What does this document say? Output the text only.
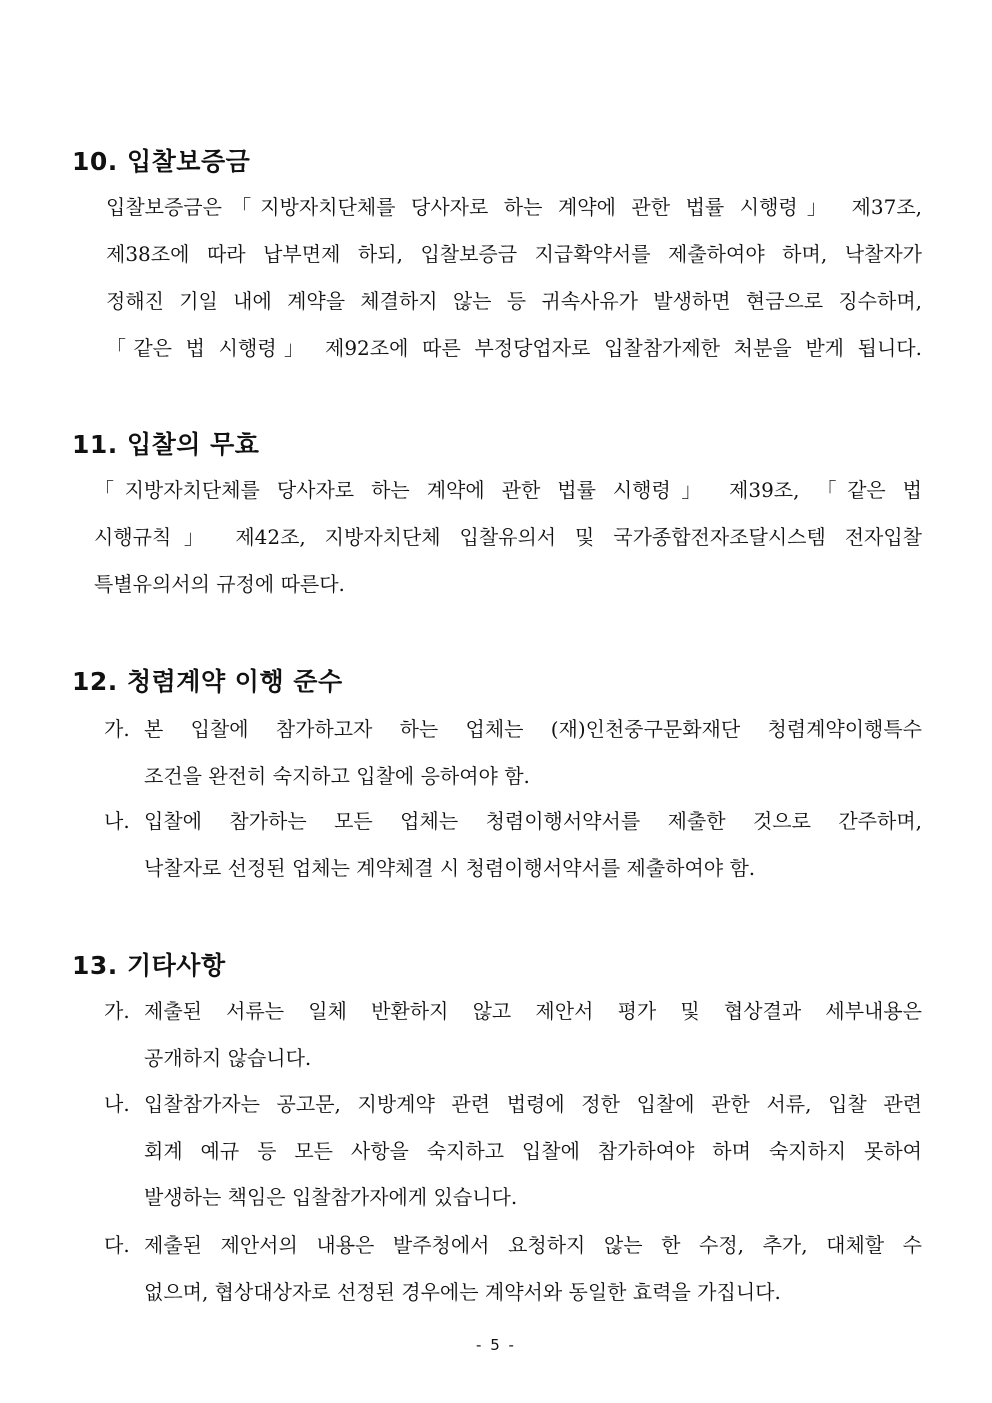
10. 입찰보증금

입찰보증금은「지방자치단체를 당사자로 하는 계약에 관한 법률 시행령」 제37조,
제38조에 따라 납부면제 하되, 입찰보증금 지급확약서를 제출하여야 하며, 낙찰자가
정해진 기일 내에 계약을 체결하지 않는 등 귀속사유가 발생하면 현금으로 징수하며,
「같은 법 시행령」 제92조에 따른 부정당업자로 입찰참가제한 처분을 받게 됩니다.

11. 입찰의 무효

「지방자치단체를 당사자로 하는 계약에 관한 법률 시행령」 제39조, 「같은 법
시행규칙」 제42조, 지방자치단체 입찰유의서 및 국가종합전자조달시스템 전자입찰
특별유의서의 규정에 따른다.

12. 청렴계약 이행 준수
가. 본 입찰에 참가하고자 하는 업체는 (재)인천중구문화재단 청렴계약이행특수
조건을 완전히 숙지하고 입찰에 응하여야 함.
나. 입찰에 참가하는 모든 업체는 청렴이행서약서를 제출한 것으로 간주하며,
낙찰자로 선정된 업체는 계약체결 시 청렴이행서약서를 제출하여야 함.
13. 기타사항
가. 제출된 서류는 일체 반환하지 않고 제안서 평가 및 협상결과 세부내용은
공개하지 않습니다.
나. 입찰참가자는 공고문, 지방계약 관련 법령에 정한 입찰에 관한 서류, 입찰 관련
회계 예규 등 모든 사항을 숙지하고 입찰에 참가하여야 하며 숙지하지 못하여
발생하는 책임은 입찰참가자에게 있습니다.
다. 제출된 제안서의 내용은 발주청에서 요청하지 않는 한 수정, 추가, 대체할 수
없으며, 협상대상자로 선정된 경우에는 계약서와 동일한 효력을 가집니다.
- 5 -
